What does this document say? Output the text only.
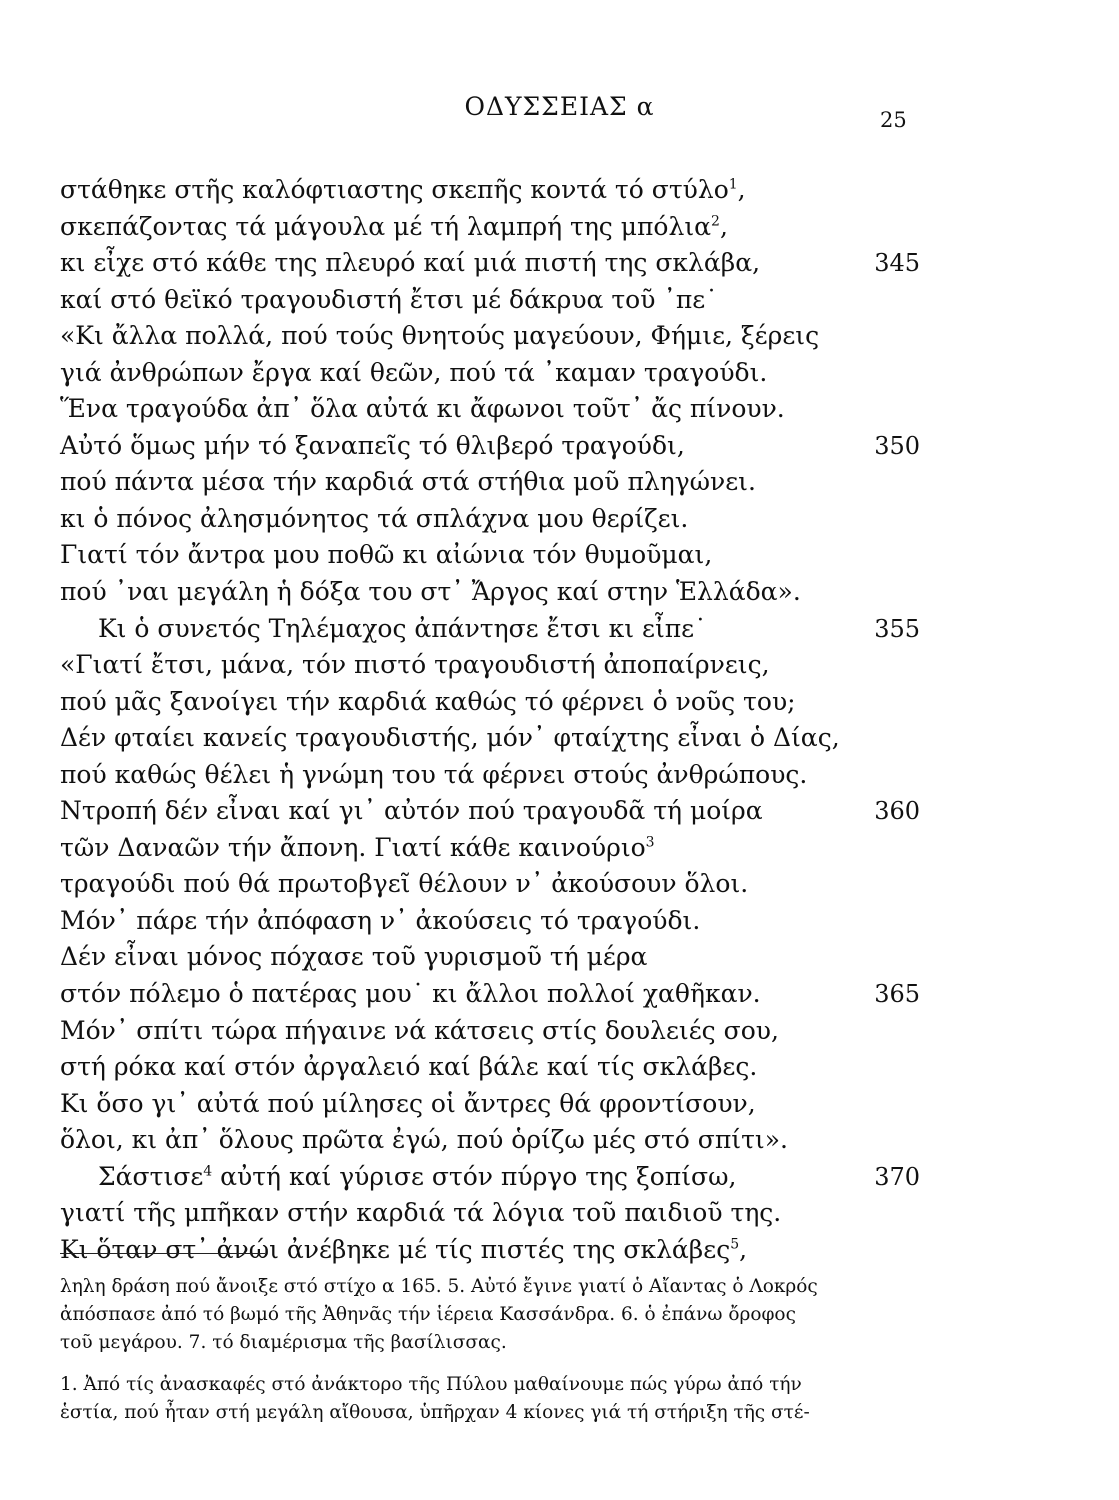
ΟΔΥΣΣΕΙΑΣ α	25
στάθηκε στῆς καλόφτιαστης σκεπῆς κοντά τό στύλο$^1$,
σκεπάζοντας τά μάγουλα μέ τή λαμπρή της μπόλια$^2$,
κι εἶχε στό κάθε της πλευρό καί μιά πιστή της σκλάβα,	345
καί στό θεϊκό τραγουδιστή ἔτσι μέ δάκρυα τοῦ ᾽πε˙
«Κι ἄλλα πολλά, πού τούς θνητούς μαγεύουν, Φήμιε, ξέρεις
γιά ἀνθρώπων ἔργα καί θεῶν, πού τά ᾽καμαν τραγούδι.
Ἕνα τραγούδα ἀπ᾽ ὅλα αὐτά κι ἄφωνοι τοῦτ᾽ ἄς πίνουν.
Αὐτό ὅμως μήν τό ξαναπεῖς τό θλιβερό τραγούδι,	350
πού πάντα μέσα τήν καρδιά στά στήθια μοῦ πληγώνει.
κι ὁ πόνος ἀλησμόνητος τά σπλάχνα μου θερίζει.
Γιατί τόν ἄντρα μου ποθῶ κι αἰώνια τόν θυμοῦμαι,
πού ᾽ναι μεγάλη ἡ δόξα του στ᾽ Ἄργος καί στην Ἑλλάδα».
Κι ὁ συνετός Τηλέμαχος ἀπάντησε ἔτσι κι εἶπε˙	355
«Γιατί ἔτσι, μάνα, τόν πιστό τραγουδιστή ἀποπαίρνεις,
πού μᾶς ξανοίγει τήν καρδιά καθώς τό φέρνει ὁ νοῦς του;
Δέν φταίει κανείς τραγουδιστής, μόν᾽ φταίχτης εἶναι ὁ Δίας,
πού καθώς θέλει ἡ γνώμη του τά φέρνει στούς ἀνθρώπους.
Ντροπή δέν εἶναι καί γι᾽ αὐτόν πού τραγουδᾶ τή μοίρα	360
τῶν Δαναῶν τήν ἄπονη. Γιατί κάθε καινούριο$^3$
τραγούδι πού θά πρωτοβγεῖ θέλουν ν᾽ ἀκούσουν ὅλοι.
Μόν᾽ πάρε τήν ἀπόφαση ν᾽ ἀκούσεις τό τραγούδι.
Δέν εἶναι μόνος πόχασε τοῦ γυρισμοῦ τή μέρα
στόν πόλεμο ὁ πατέρας μου˙ κι ἄλλοι πολλοί χαθῆκαν.	365
Μόν᾽ σπίτι τώρα πήγαινε νά κάτσεις στίς δουλειές σου,
στή ρόκα καί στόν ἀργαλειό καί βάλε καί τίς σκλάβες.
Κι ὅσο γι᾽ αὐτά πού μίλησες οἱ ἄντρες θά φροντίσουν,
ὅλοι, κι ἀπ᾽ ὅλους πρῶτα ἐγώ, πού ὁρίζω μές στό σπίτι».
Σάστισε$^4$ αὐτή καί γύρισε στόν πύργο της ξοπίσω,	370
γιατί τῆς μπῆκαν στήν καρδιά τά λόγια τοῦ παιδιοῦ της.
Κι ὅταν στ᾽ ἀνώι ἀνέβηκε μέ τίς πιστές της σκλάβες$^5$,
ληλη δράση πού ἄνοιξε στό στίχο α 165. 5. Αὐτό ἔγινε γιατί ὁ Αἴαντας ὁ Λοκρός
ἀπόσπασε ἀπό τό βωμό τῆς Ἀθηνᾶς τήν ἱέρεια Κασσάνδρα. 6. ὁ ἐπάνω ὄροφος
τοῦ μεγάρου. 7. τό διαμέρισμα τῆς βασίλισσας.
1. Ἀπό τίς ἀνασκαφές στό ἀνάκτορο τῆς Πύλου μαθαίνουμε πώς γύρω ἀπό τήν
ἑστία, πού ἦταν στή μεγάλη αἴθουσα, ὑπῆρχαν 4 κίονες γιά τή στήριξη τῆς στέ-
